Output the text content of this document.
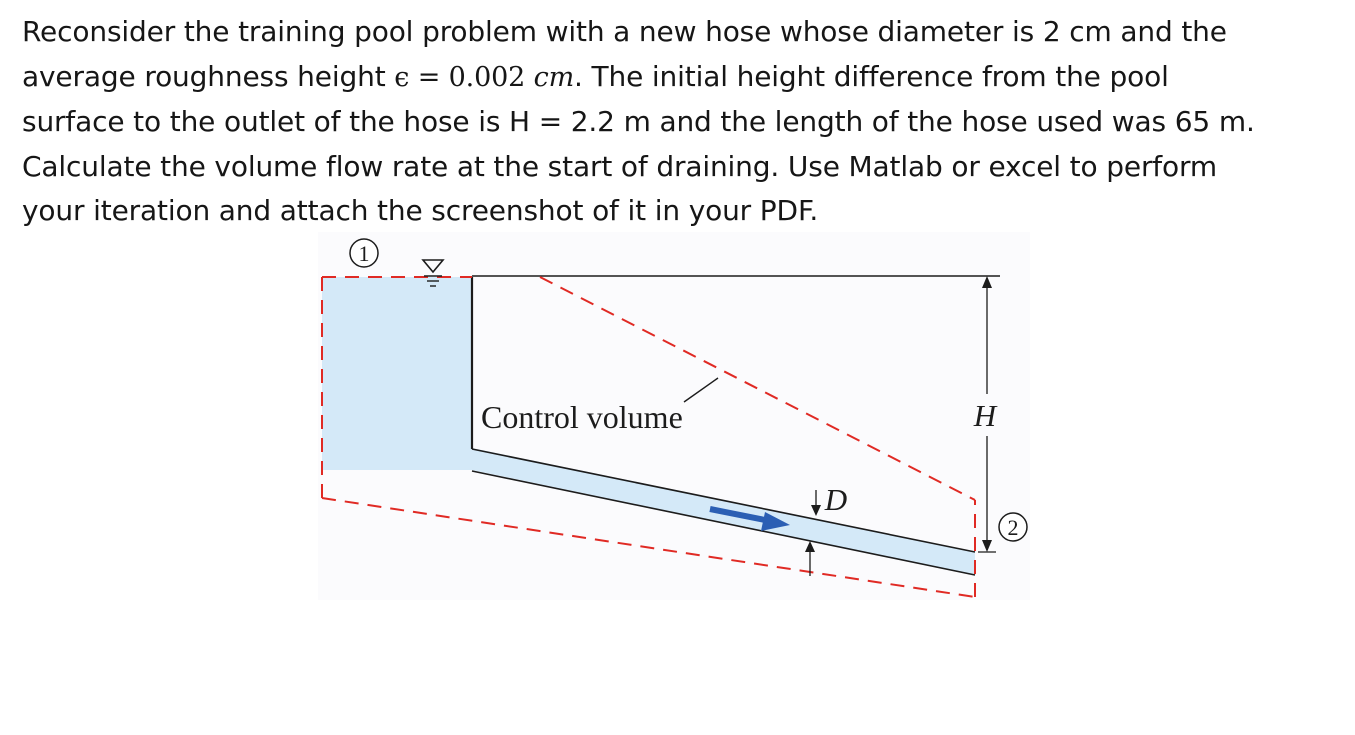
Reconsider the training pool problem with a new hose whose diameter is 2 cm and the
average roughness height ϵ = 0.002 cm. The initial height difference from the pool
surface to the outlet of the hose is H = 2.2 m and the length of the hose used was 65 m.
Calculate the volume flow rate at the start of draining. Use Matlab or excel to perform
your iteration and attach the screenshot of it in your PDF.
1
2
H
Control volume
D
